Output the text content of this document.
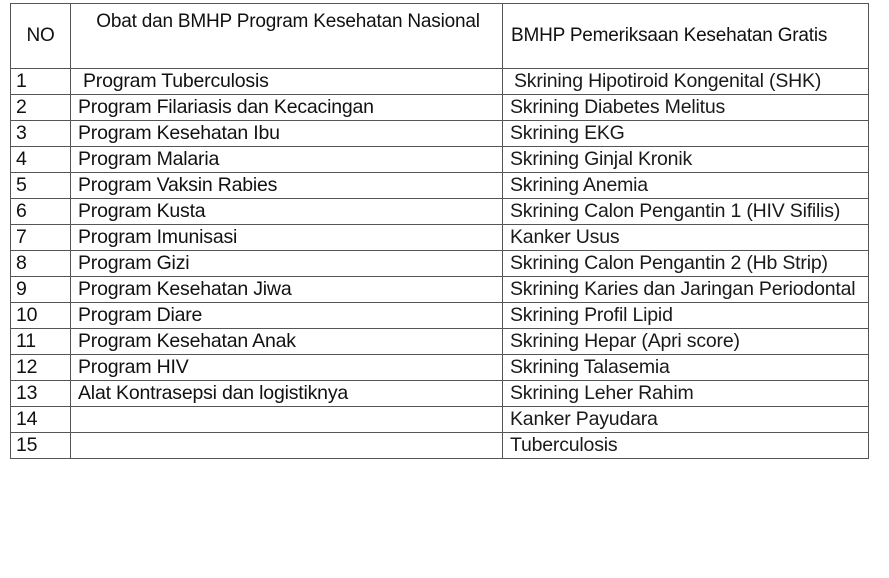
NO	Obat dan BMHP Program Kesehatan Nasional	BMHP Pemeriksaan Kesehatan Gratis
1	Program Tuberculosis	Skrining Hipotiroid Kongenital (SHK)
2	Program Filariasis dan Kecacingan	Skrining Diabetes Melitus
3	Program Kesehatan Ibu	Skrining EKG
4	Program Malaria	Skrining Ginjal Kronik
5	Program Vaksin Rabies	Skrining Anemia
6	Program Kusta	Skrining Calon Pengantin 1 (HIV Sifilis)
7	Program Imunisasi	Kanker Usus
8	Program Gizi	Skrining Calon Pengantin 2 (Hb Strip)
9	Program Kesehatan Jiwa	Skrining Karies dan Jaringan Periodontal
10	Program Diare	Skrining Profil Lipid
11	Program Kesehatan Anak	Skrining Hepar (Apri score)
12	Program HIV	Skrining Talasemia
13	Alat Kontrasepsi dan logistiknya	Skrining Leher Rahim
14		Kanker Payudara
15		Tuberculosis
